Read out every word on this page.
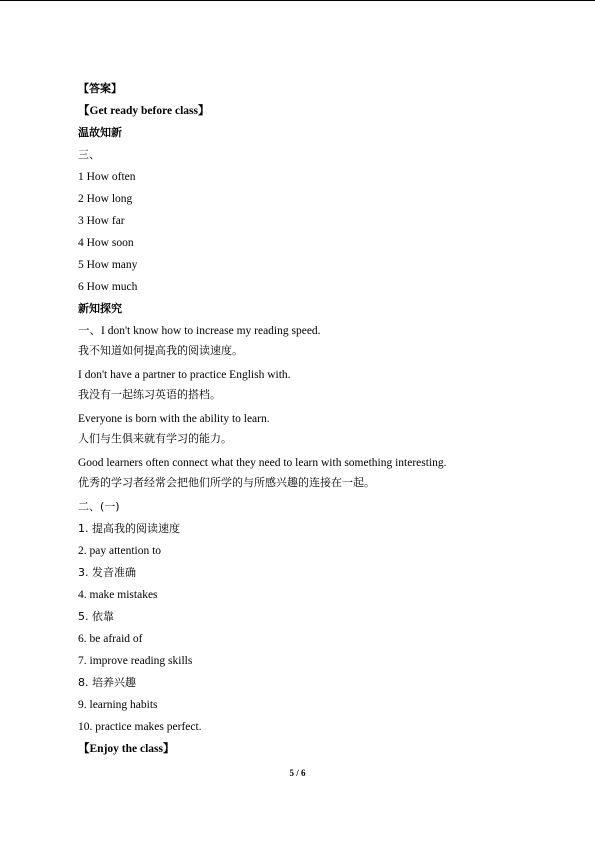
【答案】
【Get ready before class】
温故知新
三、
1 How often
2 How long
3 How far
4 How soon
5 How many
6 How much
新知探究
一、I don't know how to increase my reading speed.
我不知道如何提高我的阅读速度。
I don't have a partner to practice English with.
我没有一起练习英语的搭档。
Everyone is born with the ability to learn.
人们与生俱来就有学习的能力。
Good learners often connect what they need to learn with something interesting.
优秀的学习者经常会把他们所学的与所感兴趣的连接在一起。
二、(一)
1. 提高我的阅读速度
2. pay attention to
3. 发音准确
4. make mistakes
5. 依靠
6. be afraid of
7. improve reading skills
8. 培养兴趣
9. learning habits
10. practice makes perfect.
【Enjoy the class】
5 / 6
